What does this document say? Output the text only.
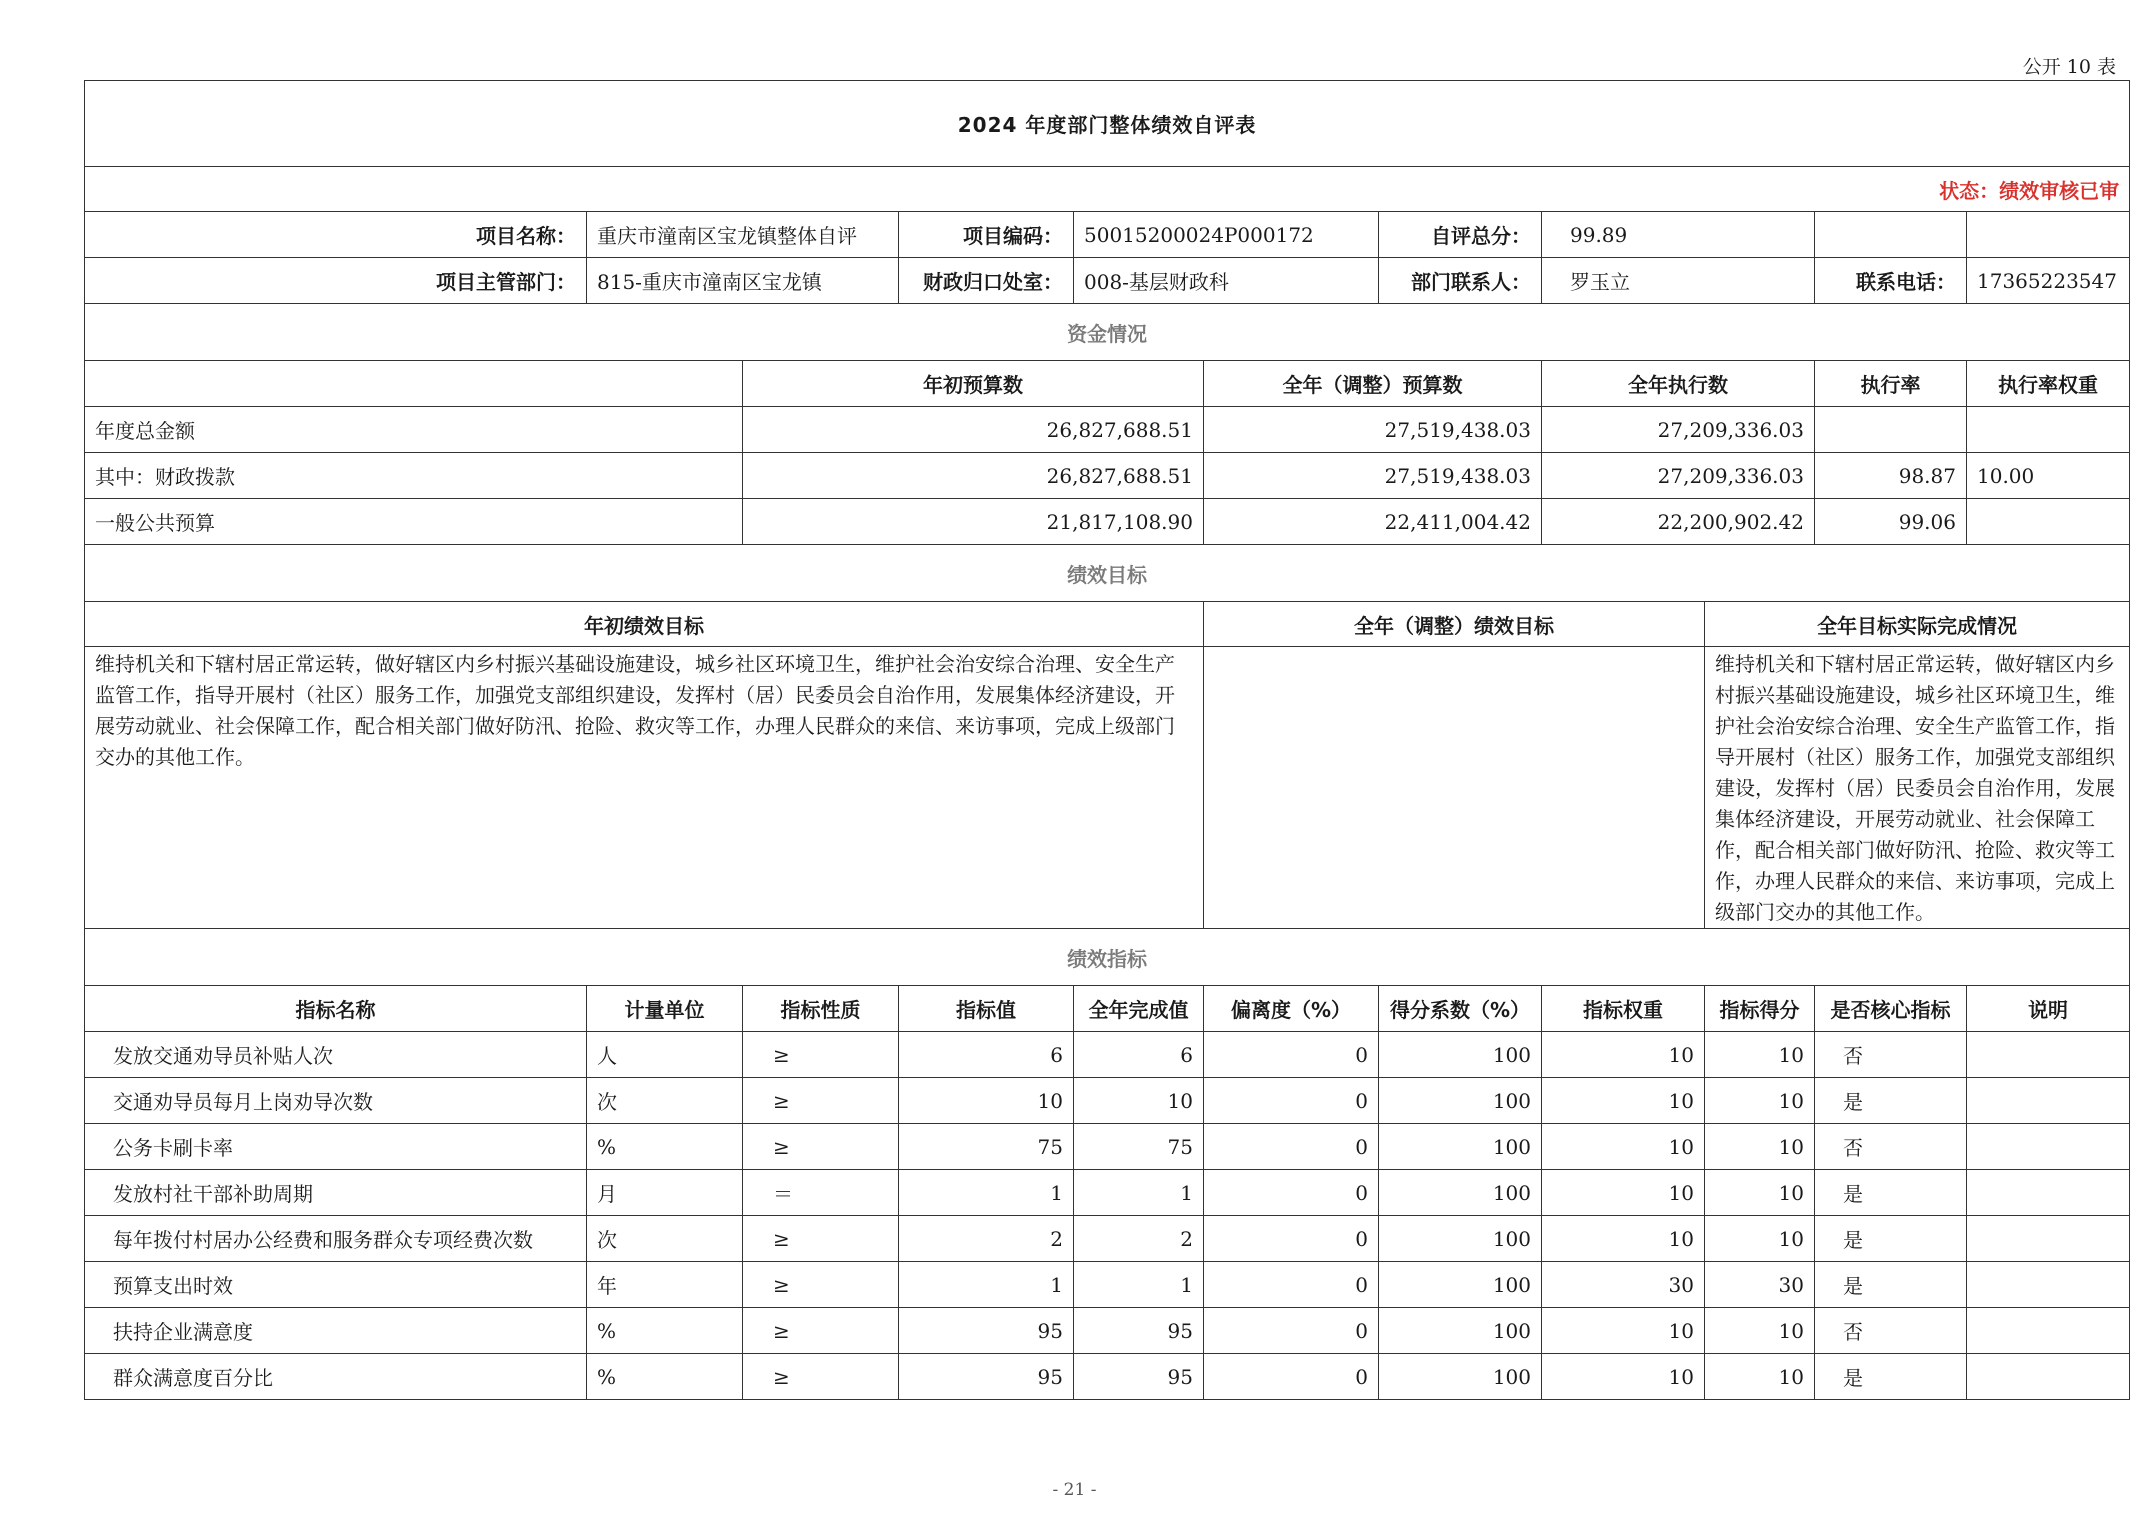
公开 10 表
2024 年度部门整体绩效自评表											
状态：绩效审核已审											
项目名称：	重庆市潼南区宝龙镇整体自评		项目编码：	50015200024P000172		自评总分：	99.89				
项目主管部门：	815-重庆市潼南区宝龙镇		财政归口处室：	008-基层财政科		部门联系人：	罗玉立		联系电话：	17365223547	
资金情况											
		年初预算数			全年（调整）预算数		全年执行数		执行率	执行率权重	
年度总金额		26,827,688.51			27,519,438.03		27,209,336.03				
其中：财政拨款		26,827,688.51			27,519,438.03		27,209,336.03		98.87	10.00	
一般公共预算		21,817,108.90			22,411,004.42		22,200,902.42		99.06		
绩效目标											
年初绩效目标					全年（调整）绩效目标			全年目标实际完成情况			
维持机关和下辖村居正常运转，做好辖区内乡村振兴基础设施建设，城乡社区环境卫生，维护社会治安综合治理、安全生产监管工作，指导开展村（社区）服务工作，加强党支部组织建设，发挥村（居）民委员会自治作用，发展集体经济建设，开展劳动就业、社会保障工作，配合相关部门做好防汛、抢险、救灾等工作，办理人民群众的来信、来访事项，完成上级部门交办的其他工作。								维持机关和下辖村居正常运转，做好辖区内乡村振兴基础设施建设，城乡社区环境卫生，维护社会治安综合治理、安全生产监管工作，指导开展村（社区）服务工作，加强党支部组织建设，发挥村（居）民委员会自治作用，发展集体经济建设，开展劳动就业、社会保障工作，配合相关部门做好防汛、抢险、救灾等工作，办理人民群众的来信、来访事项，完成上级部门交办的其他工作。			
绩效指标											
指标名称	计量单位	指标性质	指标值	全年完成值	偏离度（%）	得分系数（%）	指标权重	指标得分	是否核心指标	说明	
发放交通劝导员补贴人次	人	≥	6	6	0	100	10	10	否		
交通劝导员每月上岗劝导次数	次	≥	10	10	0	100	10	10	是		
公务卡刷卡率	%	≥	75	75	0	100	10	10	否		
发放村社干部补助周期	月	＝	1	1	0	100	10	10	是		
每年拨付村居办公经费和服务群众专项经费次数	次	≥	2	2	0	100	10	10	是		
预算支出时效	年	≥	1	1	0	100	30	30	是		
扶持企业满意度	%	≥	95	95	0	100	10	10	否		
群众满意度百分比	%	≥	95	95	0	100	10	10	是		
- 21 -
